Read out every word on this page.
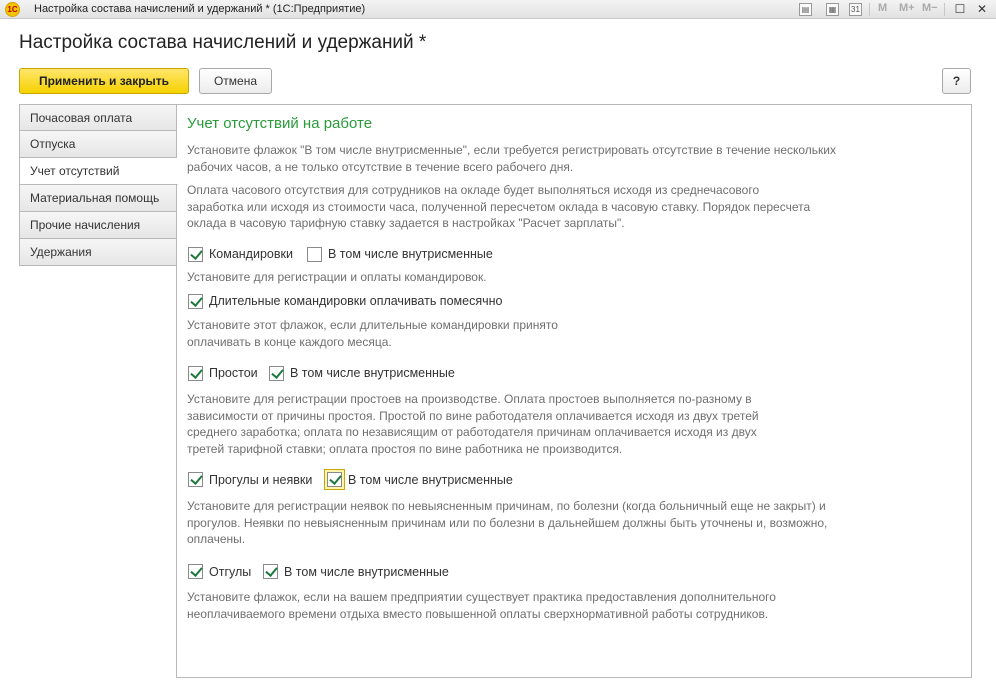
1С Настройка состава начислений и удержаний * (1С:Предприятие)	▤	▦	31 M M+ M− ☐ ✕
Настройка состава начислений и удержаний *
Применить и закрыть	Отмена	?
Почасовая оплата
Отпуска
Учет отсутствий
Материальная помощь
Прочие начисления
Удержания
Учет отсутствий на работе
Установите флажок "В том числе внутрисменные", если требуется регистрировать отсутствие в течение нескольких
рабочих часов, а не только отсутствие в течение всего рабочего дня.
Оплата часового отсутствия для сотрудников на окладе будет выполняться исходя из среднечасового
заработка или исходя из стоимости часа, полученной пересчетом оклада в часовую ставку. Порядок пересчета
оклада в часовую тарифную ставку задается в настройках "Расчет зарплаты".
Командировки	В том числе внутрисменные
Установите для регистрации и оплаты командировок.
Длительные командировки оплачивать помесячно
Установите этот флажок, если длительные командировки принято
оплачивать в конце каждого месяца.
Простои	В том числе внутрисменные
Установите для регистрации простоев на производстве. Оплата простоев выполняется по-разному в
зависимости от причины простоя. Простой по вине работодателя оплачивается исходя из двух третей
среднего заработка; оплата по независящим от работодателя причинам оплачивается исходя из двух
третей тарифной ставки; оплата простоя по вине работника не производится.
Прогулы и неявки	В том числе внутрисменные
Установите для регистрации неявок по невыясненным причинам, по болезни (когда больничный еще не закрыт) и
прогулов. Неявки по невыясненным причинам или по болезни в дальнейшем должны быть уточнены и, возможно,
оплачены.
Отгулы	В том числе внутрисменные
Установите флажок, если на вашем предприятии существует практика предоставления дополнительного
неоплачиваемого времени отдыха вместо повышенной оплаты сверхнормативной работы сотрудников.
